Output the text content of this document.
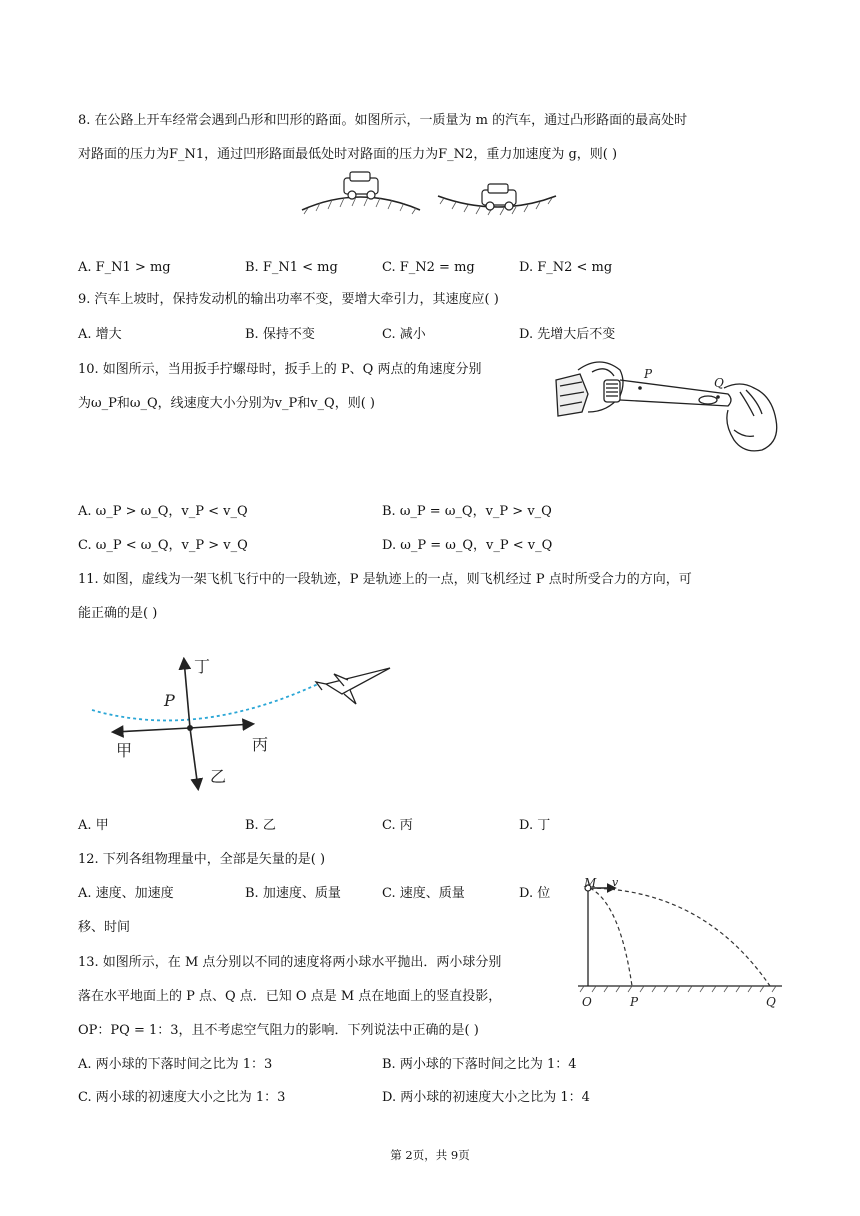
8. 在公路上开车经常会遇到凸形和凹形的路面。如图所示，一质量为 m 的汽车，通过凸形路面的最高处时
对路面的压力为F_N1，通过凹形路面最低处时对路面的压力为F_N2，重力加速度为 g，则( )
A. F_N1 > mg	B. F_N1 < mg	C. F_N2 = mg	D. F_N2 < mg
9. 汽车上坡时，保持发动机的输出功率不变，要增大牵引力，其速度应( )
A. 增大	B. 保持不变	C. 减小	D. 先增大后不变
10. 如图所示，当用扳手拧螺母时，扳手上的 P、Q 两点的角速度分别
为ω_P和ω_Q，线速度大小分别为v_P和v_Q，则( )
P
Q
A. ω_P > ω_Q，v_P < v_Q	B. ω_P = ω_Q，v_P > v_Q
C. ω_P < ω_Q，v_P > v_Q	D. ω_P = ω_Q，v_P < v_Q
11. 如图，虚线为一架飞机飞行中的一段轨迹，P 是轨迹上的一点，则飞机经过 P 点时所受合力的方向，可
能正确的是( )
丁
P
甲	丙
乙
A. 甲	B. 乙	C. 丙	D. 丁
12. 下列各组物理量中，全部是矢量的是( )
A. 速度、加速度	B. 加速度、质量	C. 速度、质量	D. 位
移、时间
M v
O	P	Q
13. 如图所示，在 M 点分别以不同的速度将两小球水平抛出．两小球分别
落在水平地面上的 P 点、Q 点．已知 O 点是 M 点在地面上的竖直投影，
OP：PQ = 1：3，且不考虑空气阻力的影响．下列说法中正确的是( )
A. 两小球的下落时间之比为 1：3	B. 两小球的下落时间之比为 1：4
C. 两小球的初速度大小之比为 1：3	D. 两小球的初速度大小之比为 1：4
第 2页，共 9页
